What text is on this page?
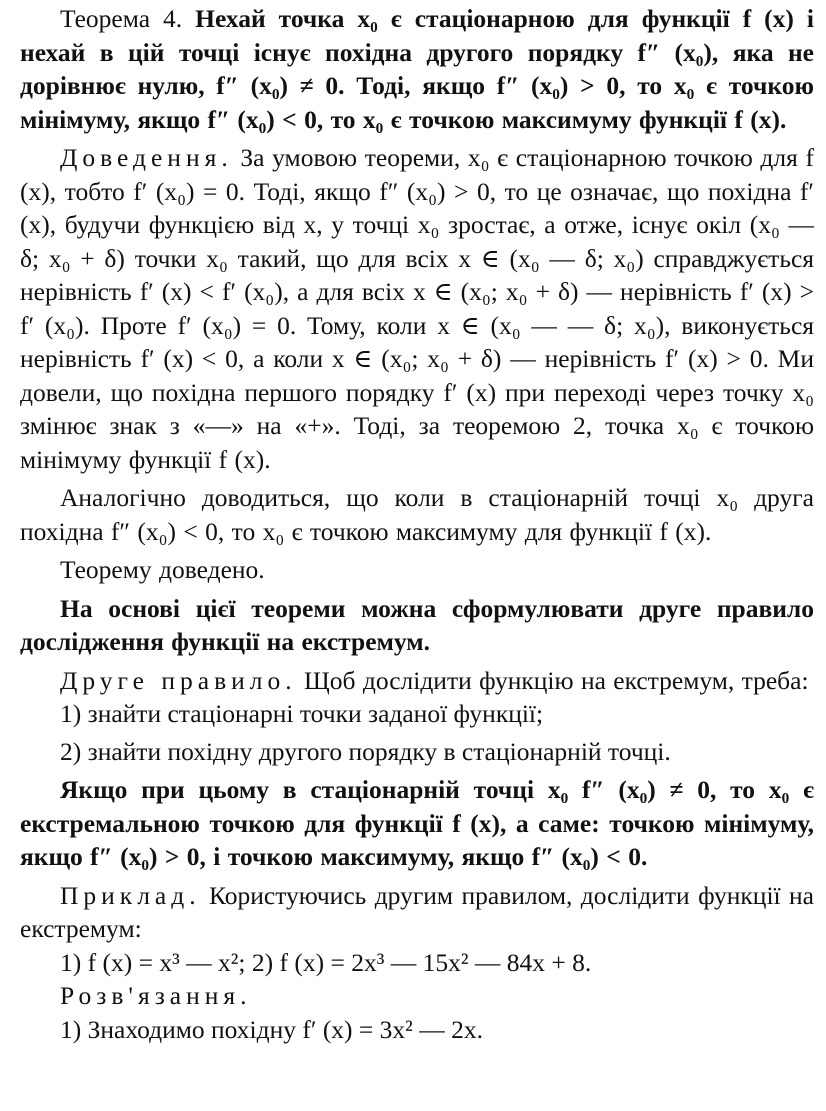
Теорема 4. Нехай точка x₀ є стаціонарною для функції f (x) і нехай в цій точці існує похідна другого порядку f″ (x₀), яка не дорівнює нулю, f″ (x₀) ≠ 0. Тоді, якщо f″ (x₀) > 0, то x₀ є точкою мінімуму, якщо f″ (x₀) < 0, то x₀ є точкою максимуму функції f (x).

Доведення. За умовою теореми, x₀ є стаціонарною точкою для f (x), тобто f′ (x₀) = 0. Тоді, якщо f″ (x₀) > 0, то це означає, що похідна f′ (x), будучи функцією від x, у точці x₀ зростає, а отже, існує окіл (x₀ — δ; x₀ + δ) точки x₀ такий, що для всіх x ∈ (x₀ — δ; x₀) справджується нерівність f′ (x) < f′ (x₀), а для всіх x ∈ (x₀; x₀ + δ) — нерівність f′ (x) > f′ (x₀). Проте f′ (x₀) = 0. Тому, коли x ∈ (x₀ — — δ; x₀), виконується нерівність f′ (x) < 0, а коли x ∈ (x₀; x₀ + δ) — нерівність f′ (x) > 0. Ми довели, що похідна першого порядку f′ (x) при переході через точку x₀ змінює знак з «—» на «+». Тоді, за теоремою 2, точка x₀ є точкою мінімуму функції f (x).

Аналогічно доводиться, що коли в стаціонарній точці x₀ друга похідна f″ (x₀) < 0, то x₀ є точкою максимуму для функції f (x).

Теорему доведено.

На основі цієї теореми можна сформулювати друге правило дослідження функції на екстремум.

Друге правило. Щоб дослідити функцію на екстремум, треба:

1) знайти стаціонарні точки заданої функції;

2) знайти похідну другого порядку в стаціонарній точці.

Якщо при цьому в стаціонарній точці x₀ f″ (x₀) ≠ 0, то x₀ є екстремальною точкою для функції f (x), а саме: точкою мінімуму, якщо f″ (x₀) > 0, і точкою максимуму, якщо f″ (x₀) < 0.

Приклад. Користуючись другим правилом, дослідити функції на екстремум:

1) f (x) = x³ — x²; 2) f (x) = 2x³ — 15x² — 84x + 8.

Розв'язання.

1) Знаходимо похідну f′ (x) = 3x² — 2x.
